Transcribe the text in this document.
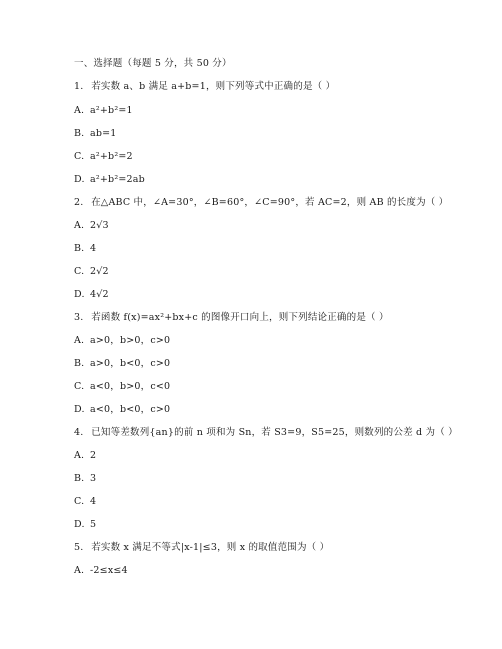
一、选择题（每题 5 分，共 50 分）
1. 若实数 a、b 满足 a+b=1，则下列等式中正确的是（ ）
A. a²+b²=1
B. ab=1
C. a²+b²=2
D. a²+b²=2ab
2. 在△ABC 中，∠A=30°，∠B=60°，∠C=90°，若 AC=2，则 AB 的长度为（ ）
A. 2√3
B. 4
C. 2√2
D. 4√2
3. 若函数 f(x)=ax²+bx+c 的图像开口向上，则下列结论正确的是（ ）
A. a>0，b>0，c>0
B. a>0，b<0，c>0
C. a<0，b>0，c<0
D. a<0，b<0，c>0
4. 已知等差数列{an}的前 n 项和为 Sn，若 S3=9，S5=25，则数列的公差 d 为（ ）
A. 2
B. 3
C. 4
D. 5
5. 若实数 x 满足不等式|x-1|≤3，则 x 的取值范围为（ ）
A. -2≤x≤4
